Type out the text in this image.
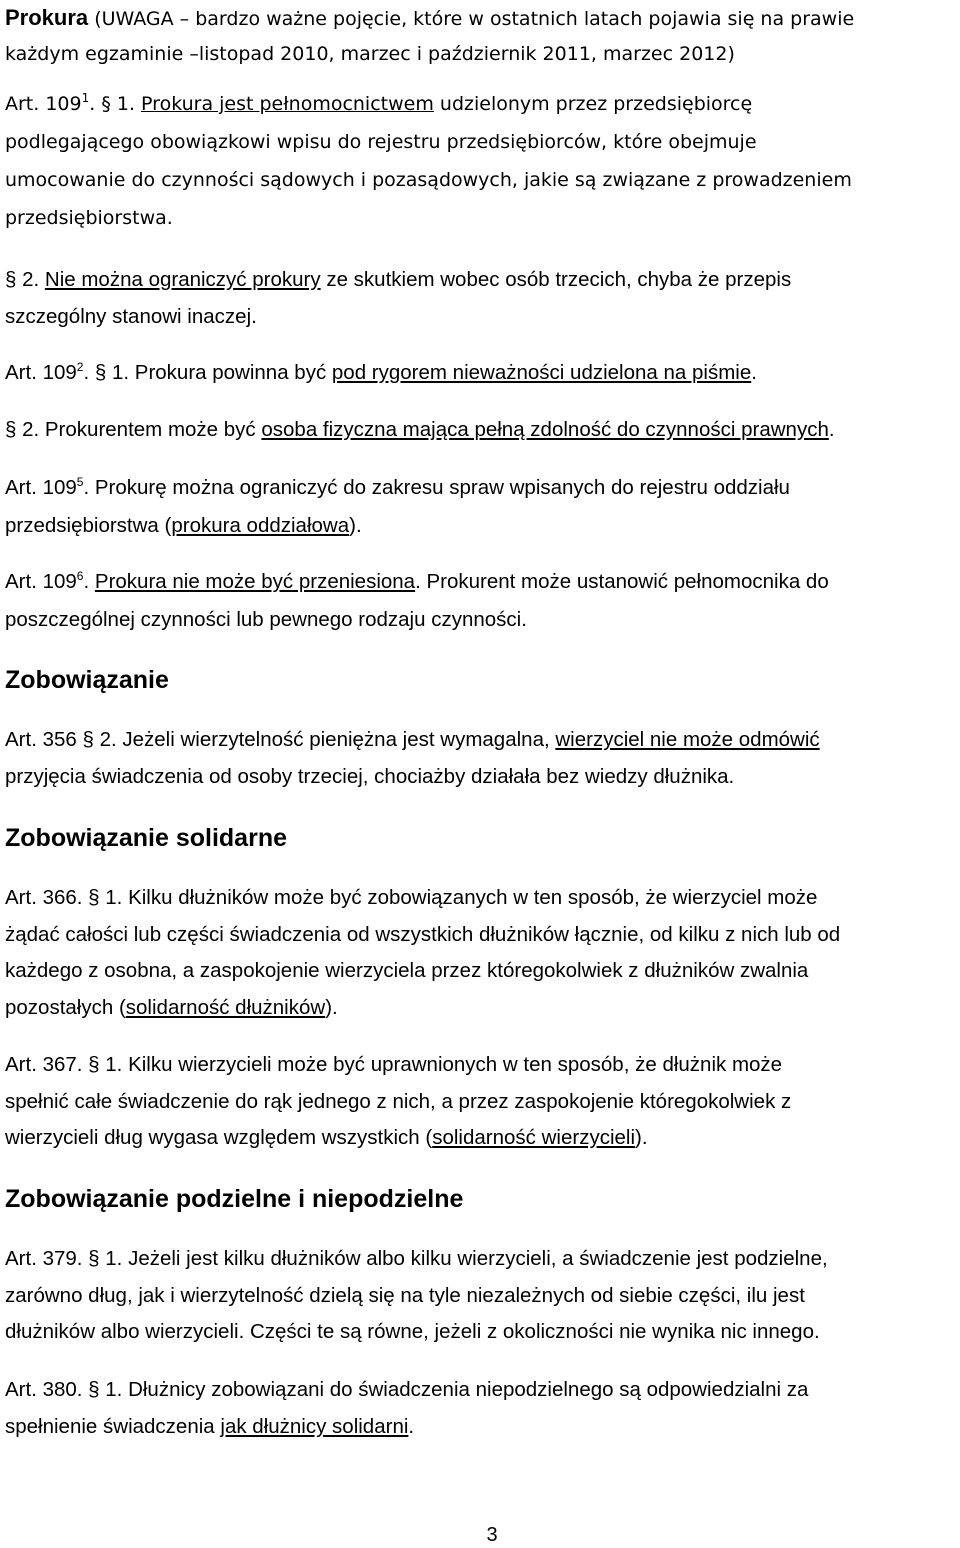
Prokura (UWAGA – bardzo ważne pojęcie, które w ostatnich latach pojawia się na prawie
każdym egzaminie –listopad 2010, marzec i październik 2011, marzec 2012)
Art. $109^1$. § 1. Prokura jest pełnomocnictwem udzielonym przez przedsiębiorcę
podlegającego obowiązkowi wpisu do rejestru przedsiębiorców, które obejmuje
umocowanie do czynności sądowych i pozasądowych, jakie są związane z prowadzeniem
przedsiębiorstwa.
§ 2. Nie można ograniczyć prokury ze skutkiem wobec osób trzecich, chyba że przepis
szczególny stanowi inaczej.
Art. $109^2$. § 1. Prokura powinna być pod rygorem nieważności udzielona na piśmie.
§ 2. Prokurentem może być osoba fizyczna mająca pełną zdolność do czynności prawnych.
Art. $109^5$. Prokurę można ograniczyć do zakresu spraw wpisanych do rejestru oddziału
przedsiębiorstwa (prokura oddziałowa).
Art. $109^6$. Prokura nie może być przeniesiona. Prokurent może ustanowić pełnomocnika do
poszczególnej czynności lub pewnego rodzaju czynności.
Zobowiązanie
Art. 356 § 2. Jeżeli wierzytelność pieniężna jest wymagalna, wierzyciel nie może odmówić
przyjęcia świadczenia od osoby trzeciej, chociażby działała bez wiedzy dłużnika.
Zobowiązanie solidarne
Art. 366. § 1. Kilku dłużników może być zobowiązanych w ten sposób, że wierzyciel może
żądać całości lub części świadczenia od wszystkich dłużników łącznie, od kilku z nich lub od
każdego z osobna, a zaspokojenie wierzyciela przez któregokolwiek z dłużników zwalnia
pozostałych (solidarność dłużników).
Art. 367. § 1. Kilku wierzycieli może być uprawnionych w ten sposób, że dłużnik może
spełnić całe świadczenie do rąk jednego z nich, a przez zaspokojenie któregokolwiek z
wierzycieli dług wygasa względem wszystkich (solidarność wierzycieli).
Zobowiązanie podzielne i niepodzielne
Art. 379. § 1. Jeżeli jest kilku dłużników albo kilku wierzycieli, a świadczenie jest podzielne,
zarówno dług, jak i wierzytelność dzielą się na tyle niezależnych od siebie części, ilu jest
dłużników albo wierzycieli. Części te są równe, jeżeli z okoliczności nie wynika nic innego.
Art. 380. § 1. Dłużnicy zobowiązani do świadczenia niepodzielnego są odpowiedzialni za
spełnienie świadczenia jak dłużnicy solidarni.
3
